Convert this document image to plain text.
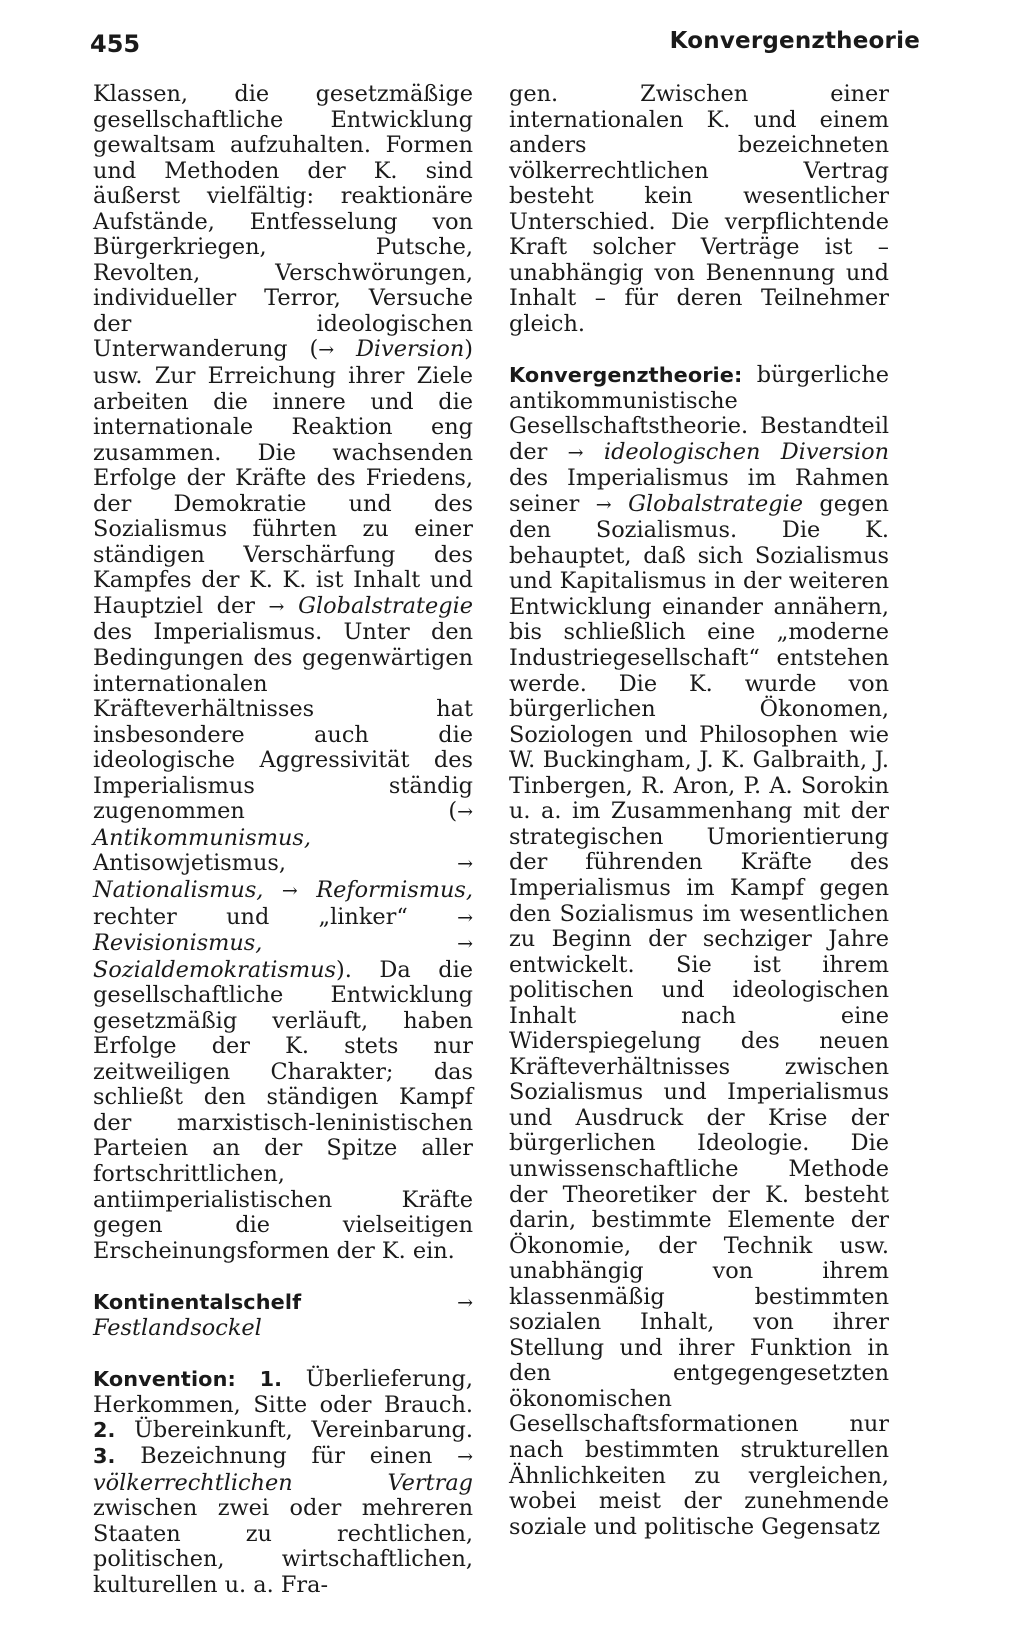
455	Konvergenztheorie

Klassen, die gesetzmäßige gesellschaftliche Entwicklung gewaltsam aufzuhalten. Formen und Methoden der K. sind äußerst vielfältig: reaktionäre Aufstände, Entfesselung von Bürgerkriegen, Putsche, Revolten, Verschwörungen, individueller Terror, Versuche der ideologischen Unterwanderung (→ Diversion) usw. Zur Erreichung ihrer Ziele arbeiten die innere und die internationale Reaktion eng zusammen. Die wachsenden Erfolge der Kräfte des Friedens, der Demokratie und des Sozialismus führten zu einer ständigen Verschärfung des Kampfes der K. K. ist Inhalt und Hauptziel der → Globalstrategie des Imperialismus. Unter den Bedingungen des gegenwärtigen internationalen Kräfteverhältnisses hat insbesondere auch die ideologische Aggressivität des Imperialismus ständig zugenommen (→ Antikommunismus, Antisowjetismus, → Nationalismus, → Reformismus, rechter und „linker“ → Revisionismus,	→ Sozialdemokratismus). Da die gesellschaftliche Entwicklung gesetzmäßig verläuft, haben Erfolge der K. stets nur zeitweiligen Charakter; das schließt den ständigen Kampf der marxistisch-leninistischen Parteien an der Spitze aller fortschrittlichen, antiimperialistischen Kräfte gegen die vielseitigen Erscheinungsformen der K. ein.

Kontinentalschelf	→ Festlandsockel

Konvention: 1. Überlieferung, Herkommen, Sitte oder Brauch. 2. Übereinkunft, Vereinbarung. 3. Bezeichnung für einen → völkerrechtlichen Vertrag zwischen zwei oder mehreren Staaten zu rechtlichen, politischen, wirtschaftlichen, kulturellen u. a. Fra-

gen. Zwischen einer internationalen K. und einem anders bezeichneten völkerrechtlichen Vertrag besteht kein wesentlicher Unterschied. Die verpflichtende Kraft solcher Verträge ist – unabhängig von Benennung und Inhalt – für deren Teilnehmer gleich.

Konvergenztheorie: bürgerliche antikommunistische Gesellschaftstheorie. Bestandteil der → ideologischen Diversion des Imperialismus im Rahmen seiner → Globalstrategie gegen den Sozialismus. Die K. behauptet, daß sich Sozialismus und Kapitalismus in der weiteren Entwicklung einander annähern, bis schließlich eine „moderne Industriegesellschaft“ entstehen werde. Die K. wurde von bürgerlichen Ökonomen, Soziologen und Philosophen wie W. Buckingham, J. K. Galbraith, J. Tinbergen, R. Aron, P. A. Sorokin u. a. im Zusammenhang mit der strategischen Umorientierung der führenden Kräfte des Imperialismus im Kampf gegen den Sozialismus im wesentlichen zu Beginn der sechziger Jahre entwickelt. Sie ist ihrem politischen und ideologischen Inhalt nach eine Widerspiegelung des neuen Kräfteverhältnisses zwischen Sozialismus und Imperialismus und Ausdruck der Krise der bürgerlichen Ideologie. Die unwissenschaftliche Methode der Theoretiker der K. besteht darin, bestimmte Elemente der Ökonomie, der Technik usw. unabhängig von ihrem klassenmäßig bestimmten sozialen Inhalt, von ihrer Stellung und ihrer Funktion in den entgegengesetzten ökonomischen Gesellschaftsformationen nur nach bestimmten strukturellen Ähnlichkeiten zu vergleichen, wobei meist der zunehmende soziale und politische Gegensatz
